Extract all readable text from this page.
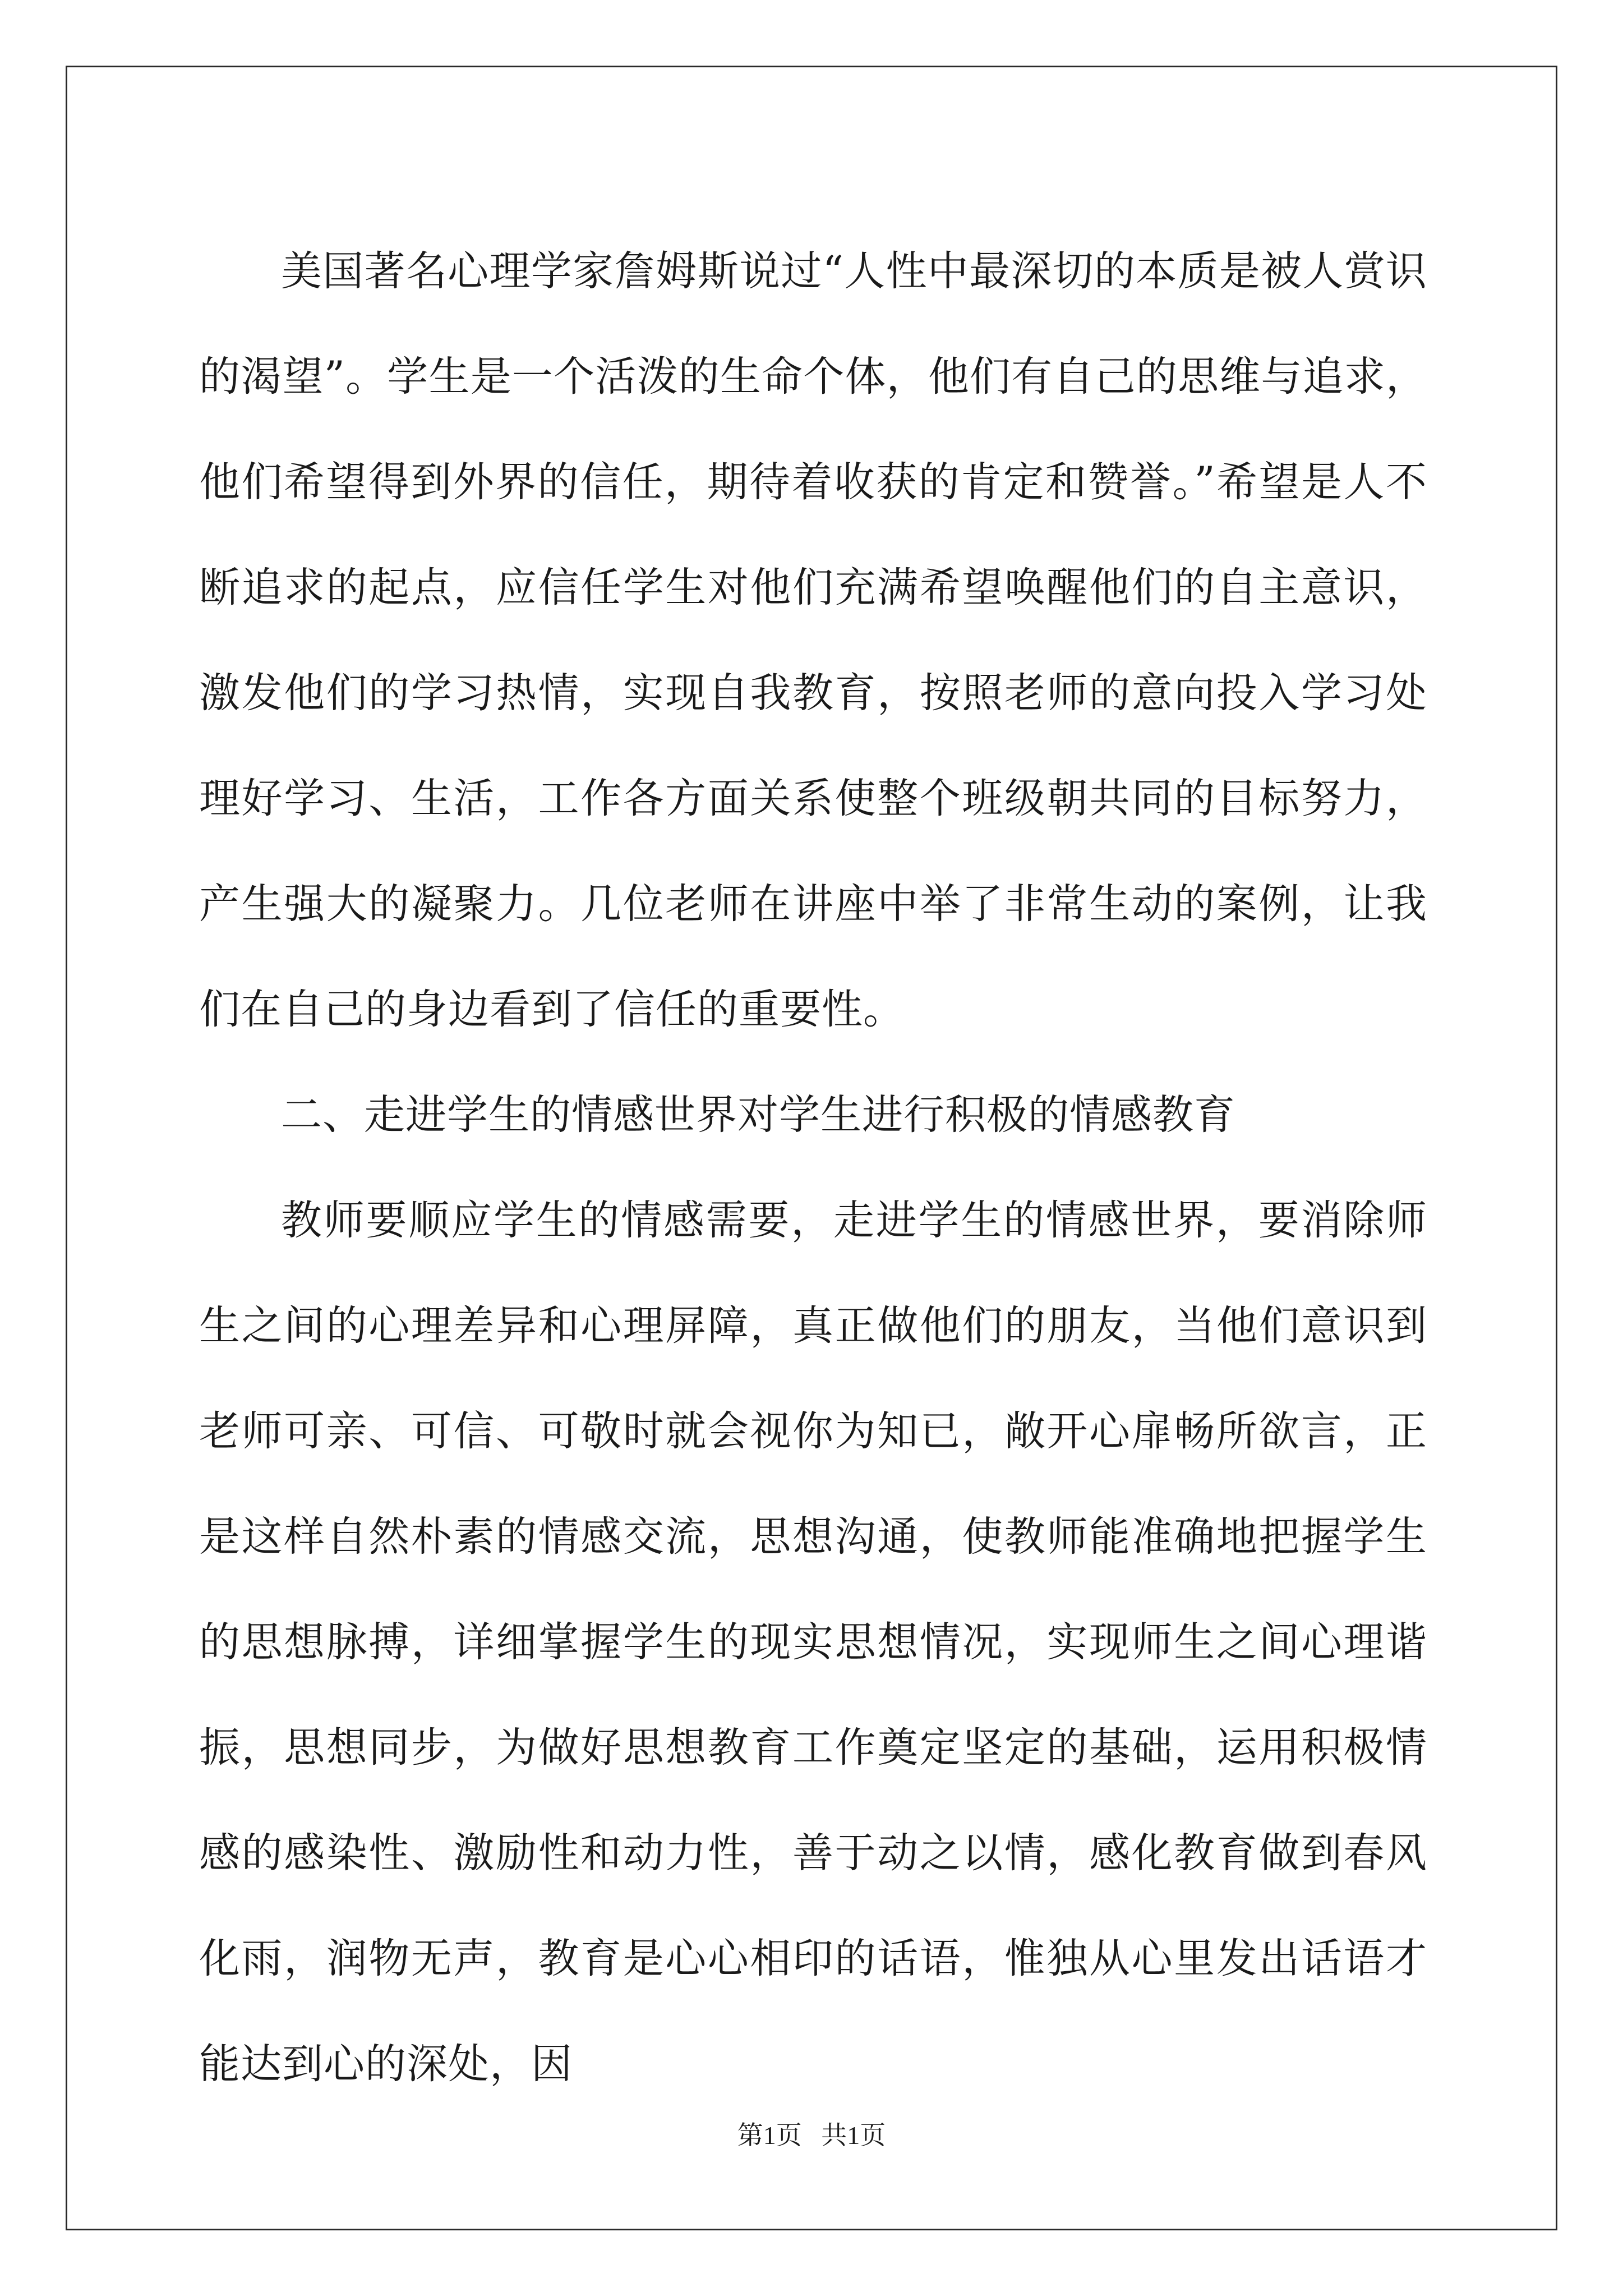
美国著名心理学家詹姆斯说过“人性中最深切的本质是被人赏识的渴望”。学生是一个活泼的生命个体，他们有自己的思维与追求，他们希望得到外界的信任，期待着收获的肯定和赞誉。”希望是人不断追求的起点，应信任学生对他们充满希望唤醒他们的自主意识，激发他们的学习热情，实现自我教育，按照老师的意向投入学习处理好学习、生活，工作各方面关系使整个班级朝共同的目标努力，产生强大的凝聚力。几位老师在讲座中举了非常生动的案例，让我们在自己的身边看到了信任的重要性。

二、走进学生的情感世界对学生进行积极的情感教育

教师要顺应学生的情感需要，走进学生的情感世界，要消除师生之间的心理差异和心理屏障，真正做他们的朋友，当他们意识到老师可亲、可信、可敬时就会视你为知已，敞开心扉畅所欲言，正是这样自然朴素的情感交流，思想沟通，使教师能准确地把握学生的思想脉搏，详细掌握学生的现实思想情况，实现师生之间心理谐振，思想同步，为做好思想教育工作奠定坚定的基础，运用积极情感的感染性、激励性和动力性，善于动之以情，感化教育做到春风化雨，润物无声，教育是心心相印的话语，惟独从心里发出话语才能达到心的深处，因

第1页   共1页
